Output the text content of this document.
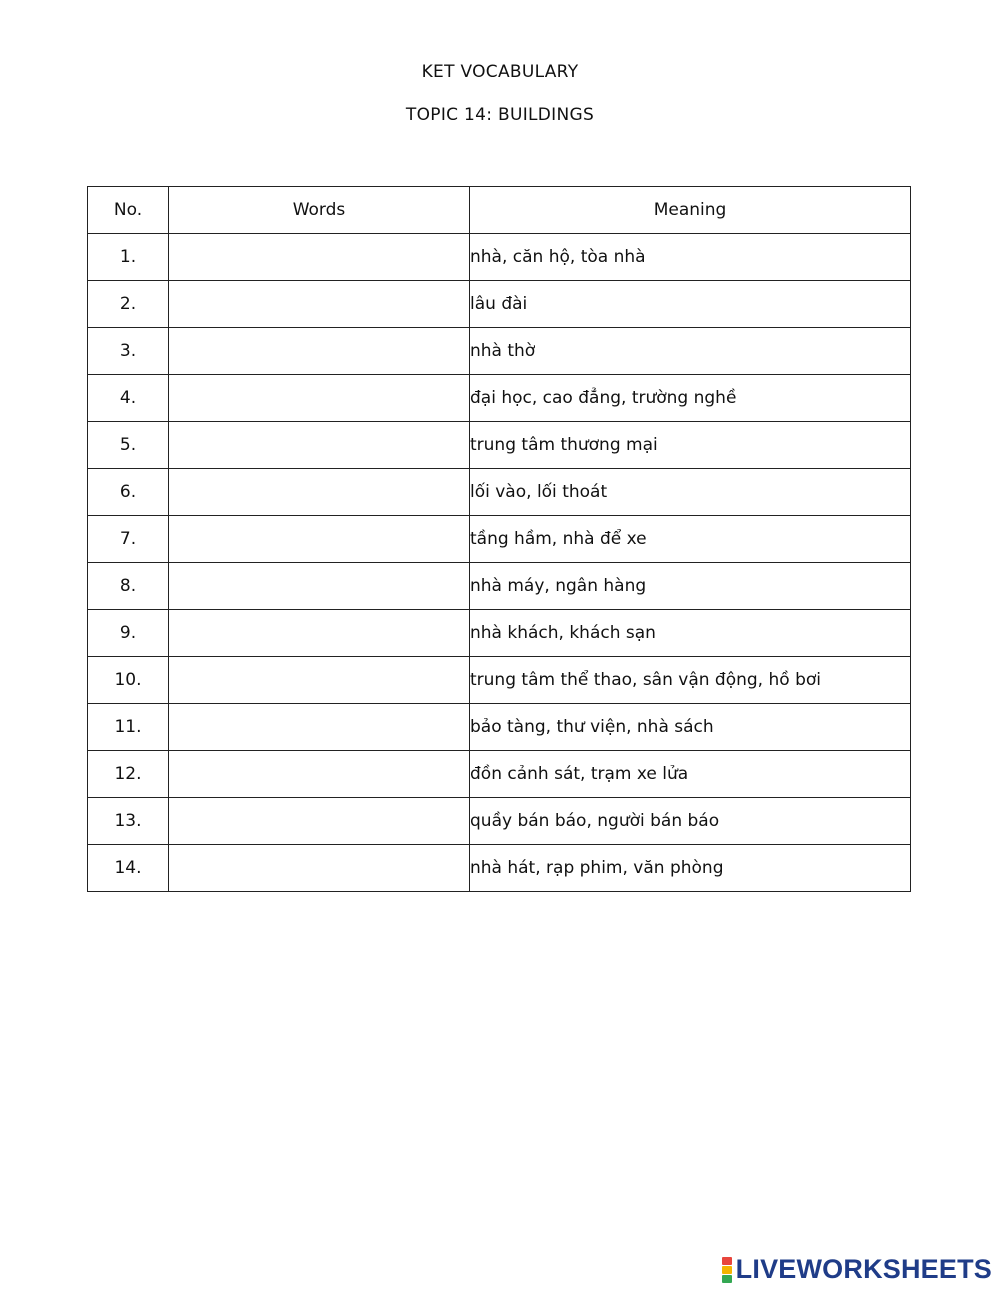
KET VOCABULARY
TOPIC 14: BUILDINGS
No.	Words	Meaning
1.		nhà, căn hộ, tòa nhà
2.		lâu đài
3.		nhà thờ
4.		đại học, cao đẳng, trường nghề
5.		trung tâm thương mại
6.		lối vào, lối thoát
7.		tầng hầm, nhà để xe
8.		nhà máy, ngân hàng
9.		nhà khách, khách sạn
10.		trung tâm thể thao, sân vận động, hồ bơi
11.		bảo tàng, thư viện, nhà sách
12.		đồn cảnh sát, trạm xe lửa
13.		quầy bán báo, người bán báo
14.		nhà hát, rạp phim, văn phòng
LIVEWORKSHEETS
